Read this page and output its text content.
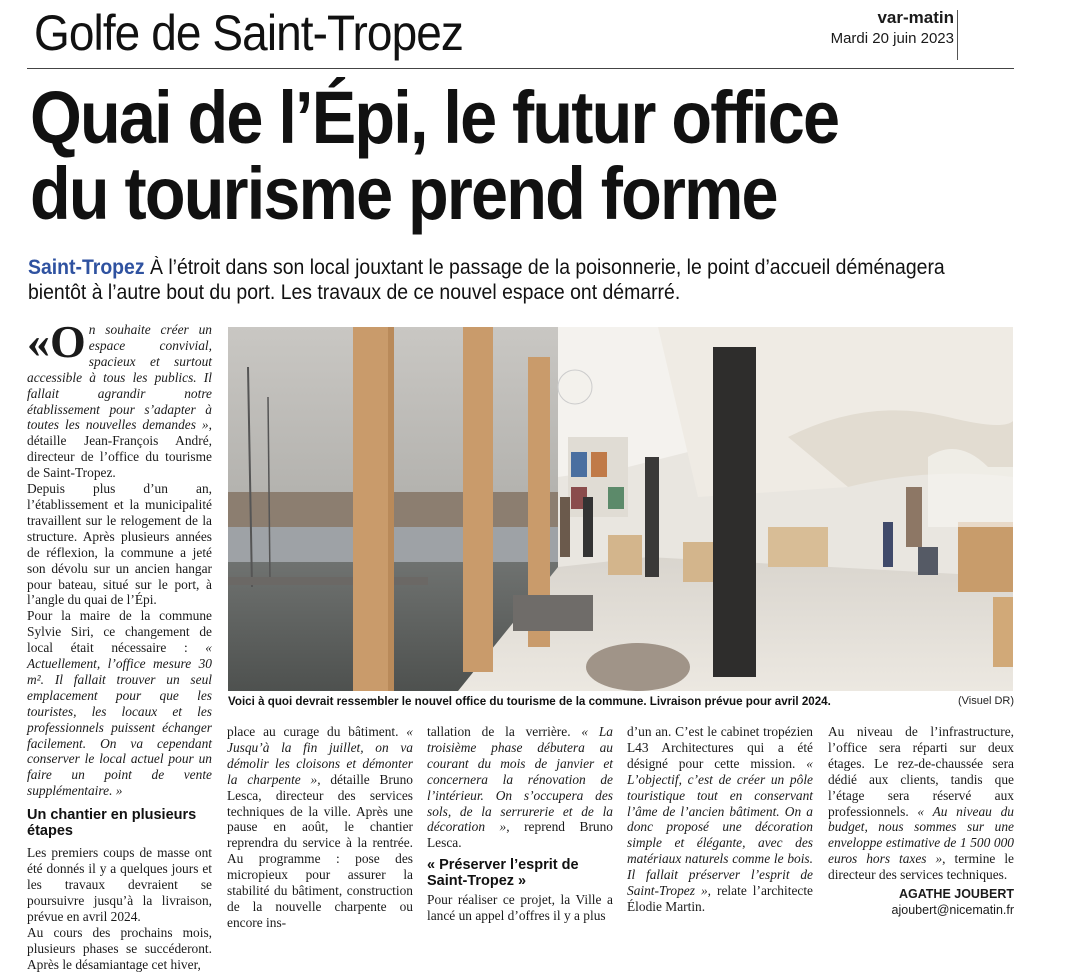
Golfe de Saint-Tropez	var-matin
Mardi 20 juin 2023
Quai de l’Épi, le futur office
du tourisme prend forme
Saint-Tropez À l’étroit dans son local jouxtant le passage de la poisonnerie, le point d’accueil déménagera bientôt à l’autre bout du port. Les travaux de ce nouvel espace ont démarré.

«On souhaite créer un espace convivial, spacieux et surtout accessible à tous les publics. Il fallait agrandir notre établissement pour s’adapter à toutes les nouvelles demandes », détaille Jean-François André, directeur de l’office du tourisme de Saint-Tropez.

Depuis plus d’un an, l’établissement et la municipalité travaillent sur le relogement de la structure. Après plusieurs années de réflexion, la commune a jeté son dévolu sur un ancien hangar pour bateau, situé sur le port, à l’angle du quai de l’Épi.

Pour la maire de la commune Sylvie Siri, ce changement de local était nécessaire : « Actuellement, l’office mesure 30 m². Il fallait trouver un seul emplacement pour que les touristes, les locaux et les professionnels puissent échanger facilement. On va cependant conserver le local actuel pour un faire un point de vente supplémentaire. »

Un chantier en plusieurs étapes

Les premiers coups de masse ont été donnés il y a quelques jours et les travaux devraient se poursuivre jusqu’à la livraison, prévue en avril 2024.

Au cours des prochains mois, plusieurs phases se succéderont. Après le désamiantage cet hiver,

Voici à quoi devrait ressembler le nouvel office du tourisme de la commune. Livraison prévue pour avril 2024.	(Visuel DR)

place au curage du bâtiment. « Jusqu’à la fin juillet, on va démolir les cloisons et démonter la charpente », détaille Bruno Lesca, directeur des services techniques de la ville. Après une pause en août, le chantier reprendra du service à la rentrée. Au programme : pose des micropieux pour assurer la stabilité du bâtiment, construction de la nouvelle charpente ou encore ins-

tallation de la verrière. « La troisième phase débutera au courant du mois de janvier et concernera la rénovation de l’intérieur. On s’occupera des sols, de la serrurerie et de la décoration », reprend Bruno Lesca.

« Préserver l’esprit de Saint-Tropez »

Pour réaliser ce projet, la Ville a lancé un appel d’offres il y a plus

d’un an. C’est le cabinet tropézien L43 Architectures qui a été désigné pour cette mission. « L’objectif, c’est de créer un pôle touristique tout en conservant l’âme de l’ancien bâtiment. On a donc proposé une décoration simple et élégante, avec des matériaux naturels comme le bois. Il fallait préserver l’esprit de Saint-Tropez », relate l’architecte Élodie Martin.

Au niveau de l’infrastructure, l’office sera réparti sur deux étages. Le rez-de-chaussée sera dédié aux clients, tandis que l’étage sera réservé aux professionnels. « Au niveau du budget, nous sommes sur une enveloppe estimative de 1 500 000 euros hors taxes », termine le directeur des services techniques.

AGATHE JOUBERT
ajoubert@nicematin.fr
